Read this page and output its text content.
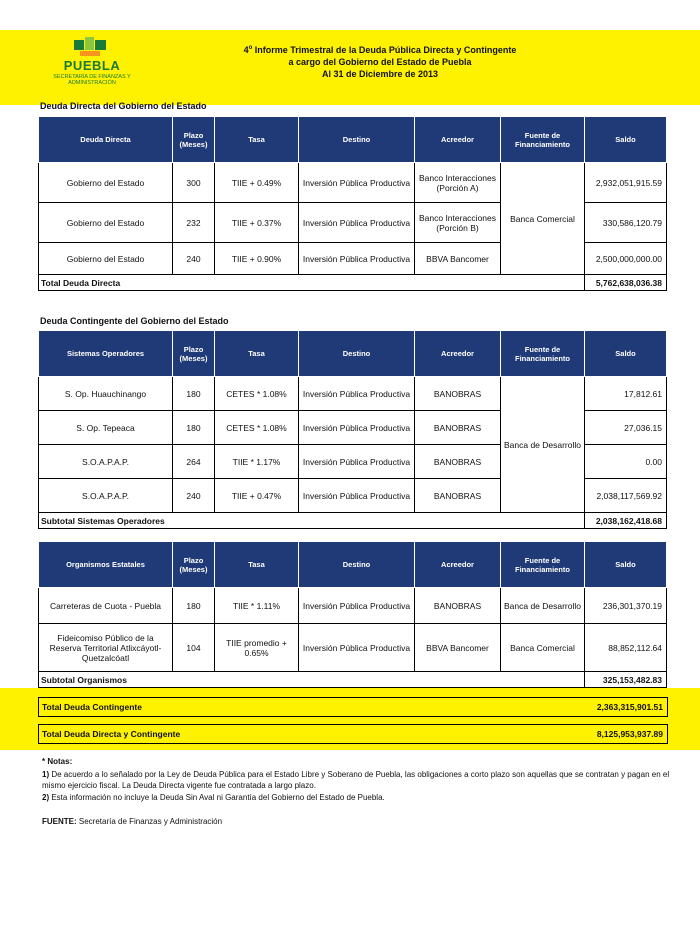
PUEBLA
SECRETARÍA DE FINANZAS Y ADMINISTRACIÓN
4$^o$ Informe Trimestral de la Deuda Pública Directa y Contingente
a cargo del Gobierno del Estado de Puebla
Al 31 de Diciembre de 2013
Deuda Directa del Gobierno del Estado
Deuda Directa	Plazo (Meses)	Tasa	Destino	Acreedor	Fuente de Financiamiento	Saldo
Gobierno del Estado	300	TIIE + 0.49%	Inversión Pública Productiva	Banco Interacciones (Porción A)	Banca Comercial	2,932,051,915.59
Gobierno del Estado	232	TIIE + 0.37%	Inversión Pública Productiva	Banco Interacciones (Porción B)		330,586,120.79
Gobierno del Estado	240	TIIE + 0.90%	Inversión Pública Productiva	BBVA Bancomer		2,500,000,000.00
Total Deuda Directa						5,762,638,036.38
Deuda Contingente del Gobierno del Estado
Sistemas Operadores	Plazo (Meses)	Tasa	Destino	Acreedor	Fuente de Financiamiento	Saldo
S. Op. Huauchinango	180	CETES * 1.08%	Inversión Pública Productiva	BANOBRAS	Banca de Desarrollo	17,812.61
S. Op. Tepeaca	180	CETES * 1.08%	Inversión Pública Productiva	BANOBRAS		27,036.15
S.O.A.P.A.P.	264	TIIE * 1.17%	Inversión Pública Productiva	BANOBRAS		0.00
S.O.A.P.A.P.	240	TIIE + 0.47%	Inversión Pública Productiva	BANOBRAS		2,038,117,569.92
Subtotal Sistemas Operadores						2,038,162,418.68
Organismos Estatales	Plazo (Meses)	Tasa	Destino	Acreedor	Fuente de Financiamiento	Saldo
Carreteras de Cuota - Puebla	180	TIIE * 1.11%	Inversión Pública Productiva	BANOBRAS	Banca de Desarrollo	236,301,370.19
Fideicomiso Público de la Reserva Territorial Atlixcáyotl-Quetzalcóatl	104	TIIE promedio + 0.65%	Inversión Pública Productiva	BBVA Bancomer	Banca Comercial	88,852,112.64
Subtotal Organismos						325,153,482.83
Total Deuda Contingente	2,363,315,901.51
Total Deuda Directa y Contingente	8,125,953,937.89
* Notas:
1) De acuerdo a lo señalado por la Ley de Deuda Pública para el Estado Libre y Soberano de Puebla, las obligaciones a corto plazo son aquellas que se contratan y pagan en el mismo ejercicio fiscal. La Deuda Directa vigente fue contratada a largo plazo.
2) Esta información no incluye la Deuda Sin Aval ni Garantía del Gobierno del Estado de Puebla.
FUENTE: Secretaría de Finanzas y Administración
